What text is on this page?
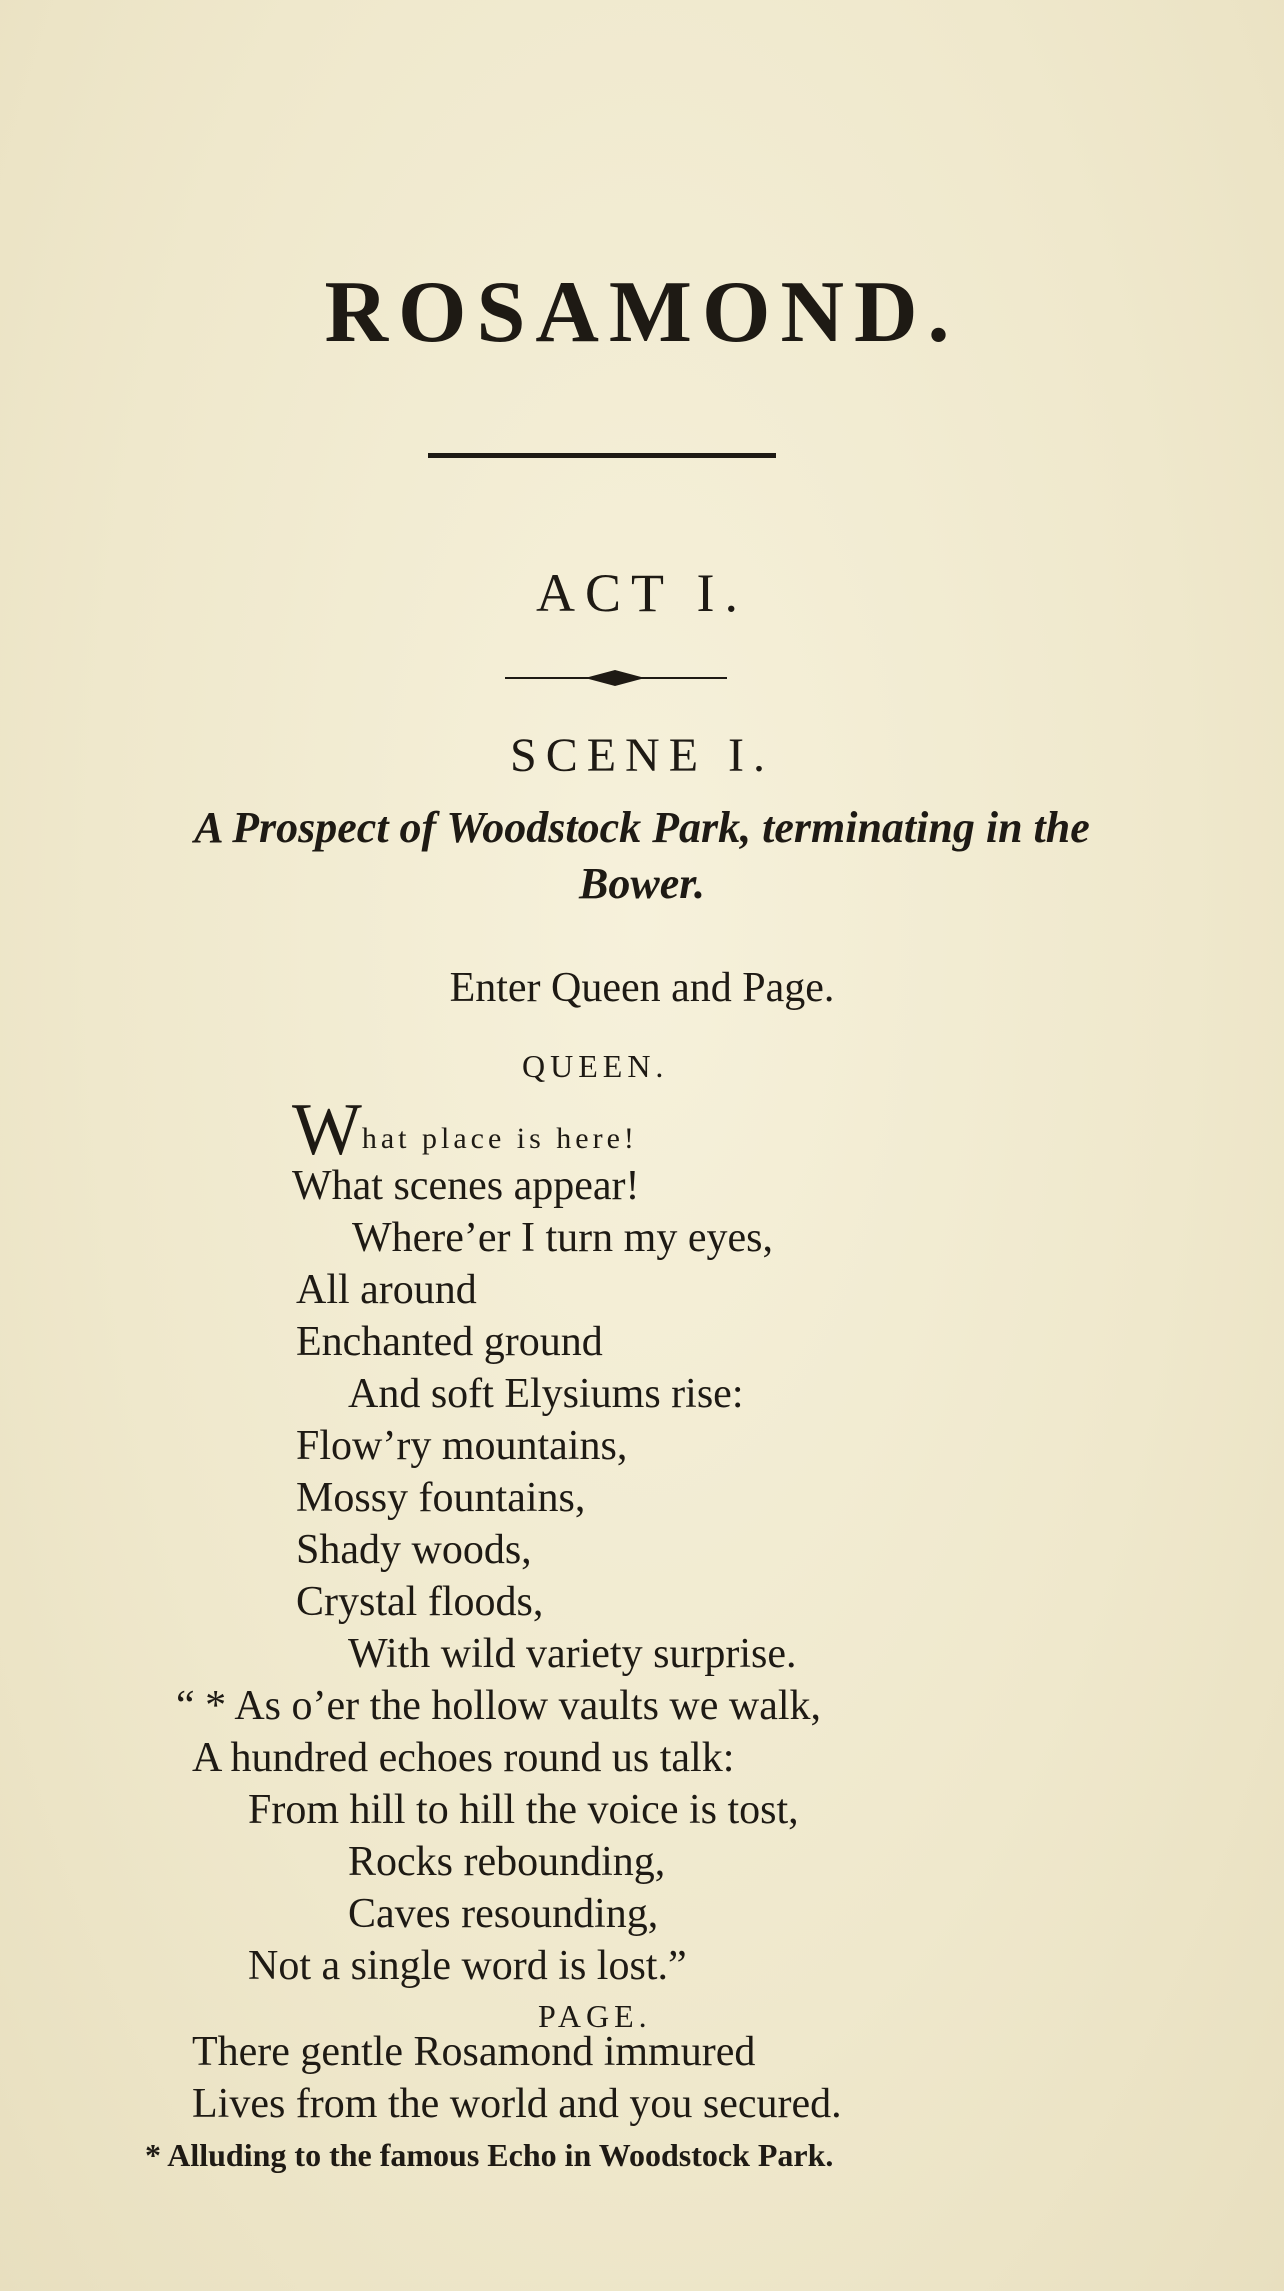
ROSAMOND.
ACT I.
SCENE I.
A Prospect of Woodstock Park, terminating in the
Bower.
Enter Queen and Page.
QUEEN.
What place is here!
What scenes appear!
Where’er I turn my eyes,
All around
Enchanted ground
And soft Elysiums rise:
Flow’ry mountains,
Mossy fountains,
Shady woods,
Crystal floods,
With wild variety surprise.
“ * As o’er the hollow vaults we walk,
A hundred echoes round us talk:
From hill to hill the voice is tost,
Rocks rebounding,
Caves resounding,
Not a single word is lost.”
PAGE.
There gentle Rosamond immured
Lives from the world and you secured.
* Alluding to the famous Echo in Woodstock Park.
